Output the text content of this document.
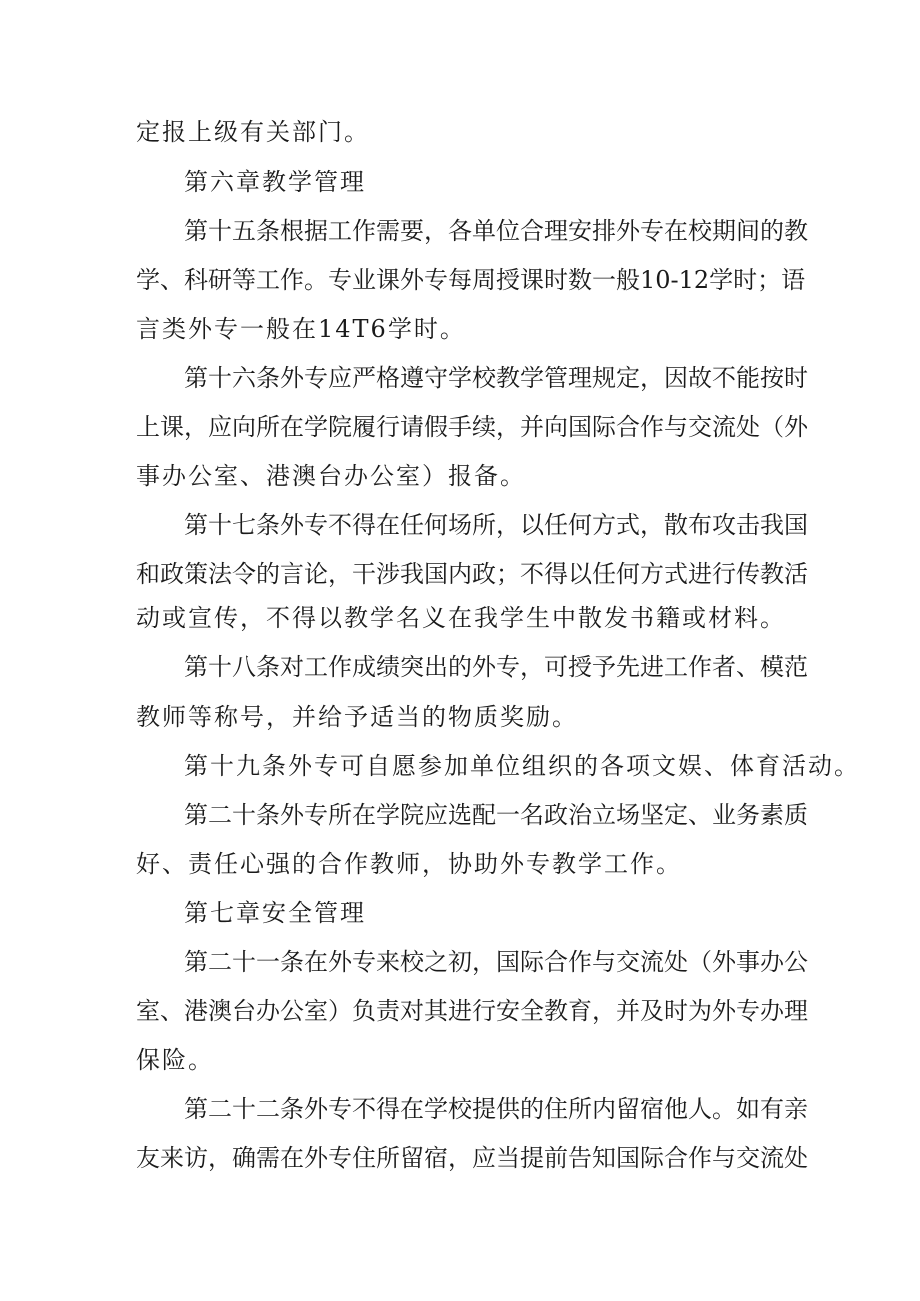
定报上级有关部门。
第六章教学管理
第十五条根据工作需要，各单位合理安排外专在校期间的教
学、科研等工作。专业课外专每周授课时数一般10-12学时；语
言类外专一般在14T6学时。
第十六条外专应严格遵守学校教学管理规定，因故不能按时
上课，应向所在学院履行请假手续，并向国际合作与交流处（外
事办公室、港澳台办公室）报备。
第十七条外专不得在任何场所，以任何方式，散布攻击我国
和政策法令的言论，干涉我国内政；不得以任何方式进行传教活
动或宣传，不得以教学名义在我学生中散发书籍或材料。
第十八条对工作成绩突出的外专，可授予先进工作者、模范
教师等称号，并给予适当的物质奖励。
第十九条外专可自愿参加单位组织的各项文娱、体育活动。
第二十条外专所在学院应选配一名政治立场坚定、业务素质
好、责任心强的合作教师，协助外专教学工作。
第七章安全管理
第二十一条在外专来校之初，国际合作与交流处（外事办公
室、港澳台办公室）负责对其进行安全教育，并及时为外专办理
保险。
第二十二条外专不得在学校提供的住所内留宿他人。如有亲
友来访，确需在外专住所留宿，应当提前告知国际合作与交流处
